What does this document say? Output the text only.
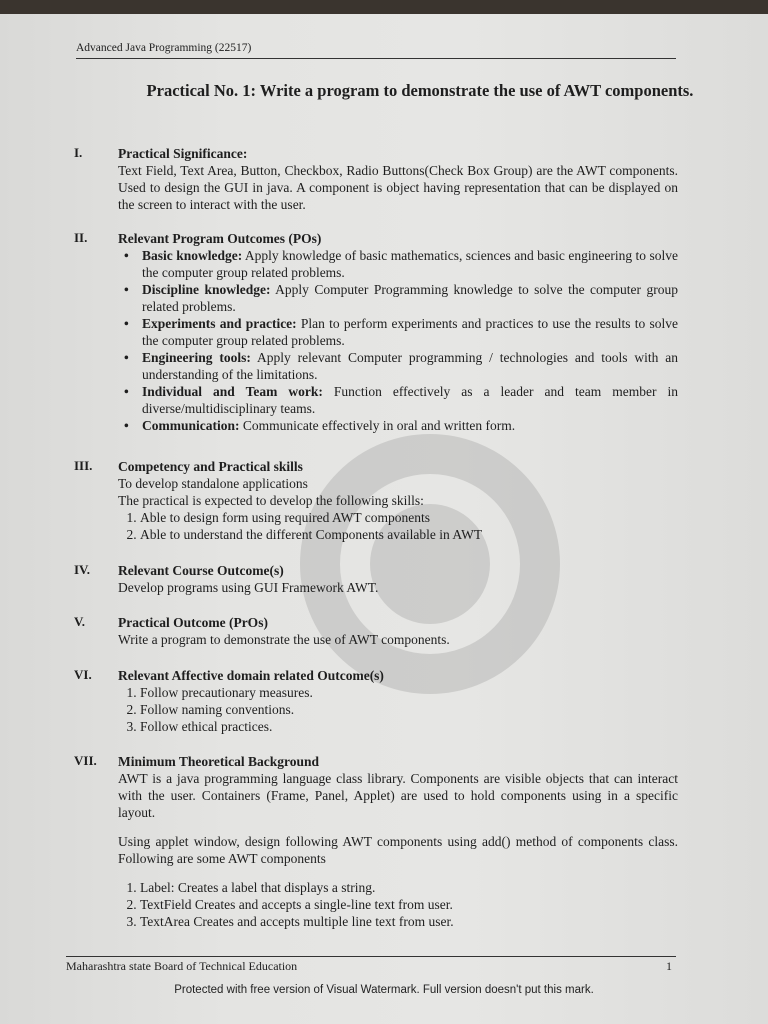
Advanced Java Programming (22517)
Practical No. 1: Write a program to demonstrate the use of AWT components.
I.	Practical Significance:
Text Field, Text Area, Button, Checkbox, Radio Buttons(Check Box Group) are the AWT components. Used to design the GUI in java. A component is object having representation that can be displayed on the screen to interact with the user.
II. Relevant Program Outcomes (POs)
• Basic knowledge: Apply knowledge of basic mathematics, sciences and basic engineering to solve the computer group related problems.
• Discipline knowledge: Apply Computer Programming knowledge to solve the computer group related problems.
• Experiments and practice: Plan to perform experiments and practices to use the results to solve the computer group related problems.
• Engineering tools: Apply relevant Computer programming / technologies and tools with an understanding of the limitations.
• Individual and Team work: Function effectively as a leader and team member in diverse/multidisciplinary teams.
• Communication: Communicate effectively in oral and written form.
III. Competency and Practical skills
To develop standalone applications
The practical is expected to develop the following skills:
1. Able to design form using required AWT components
2. Able to understand the different Components available in AWT
IV. Relevant Course Outcome(s)
Develop programs using GUI Framework AWT.
V. Practical Outcome (PrOs)
Write a program to demonstrate the use of AWT components.
VI. Relevant Affective domain related Outcome(s)
1. Follow precautionary measures.
2. Follow naming conventions.
3. Follow ethical practices.
VII. Minimum Theoretical Background
AWT is a java programming language class library. Components are visible objects that can interact with the user. Containers (Frame, Panel, Applet) are used to hold components using in a specific layout.
Using applet window, design following AWT components using add() method of components class. Following are some AWT components
1. Label: Creates a label that displays a string.
2. TextField Creates and accepts a single-line text from user.
3. TextArea Creates and accepts multiple line text from user.
Maharashtra state Board of Technical Education	1
Protected with free version of Visual Watermark. Full version doesn't put this mark.
